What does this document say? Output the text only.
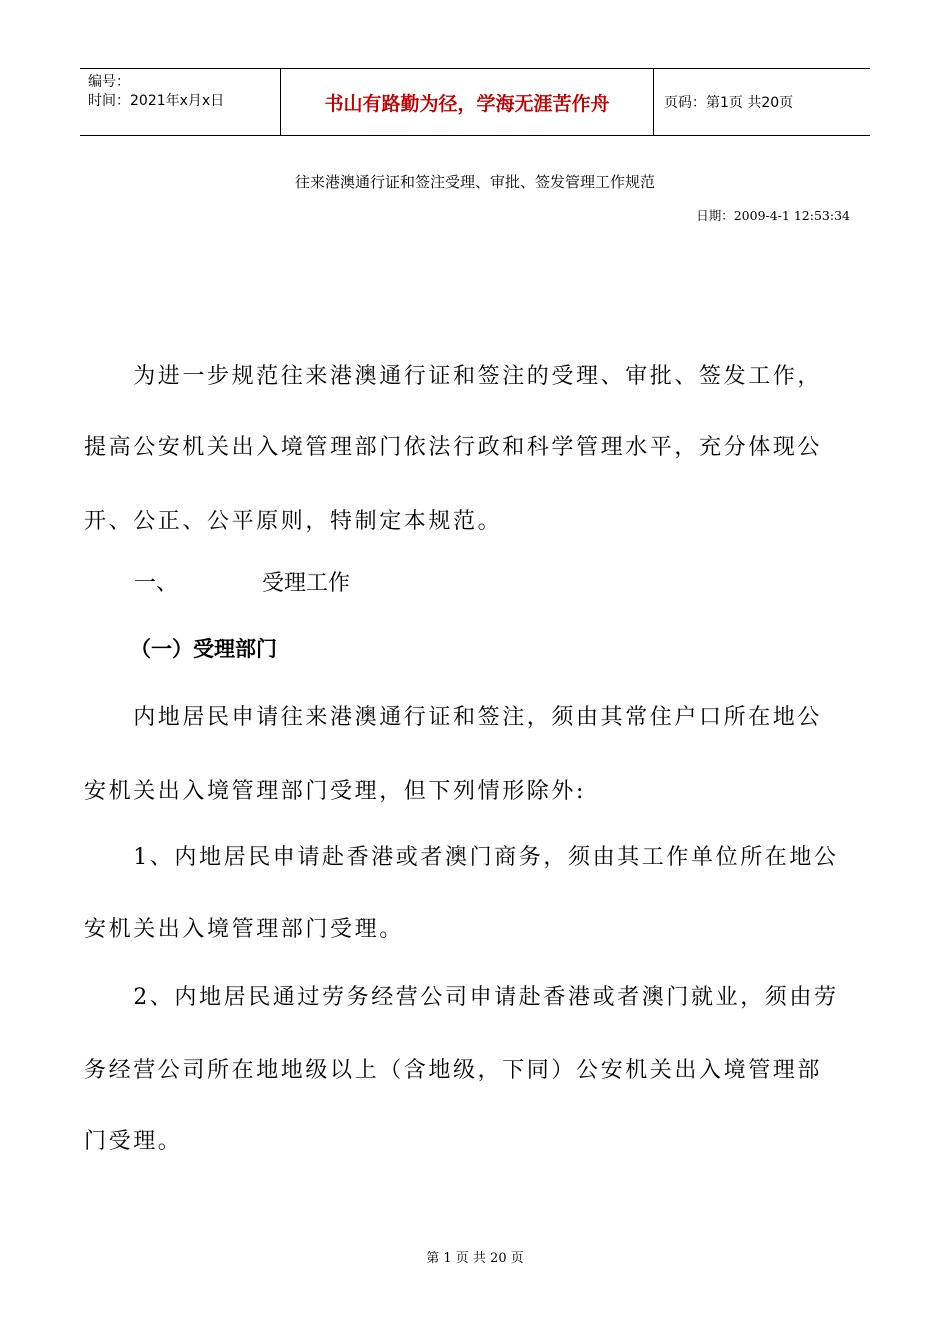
编号：
时间：2021年x月x日	书山有路勤为径，学海无涯苦作舟	页码：第1页 共20页
往来港澳通行证和签注受理、审批、签发管理工作规范
日期：2009-4-1 12:53:34

　　为进一步规范往来港澳通行证和签注的受理、审批、签发工作，

提高公安机关出入境管理部门依法行政和科学管理水平，充分体现公

开、公正、公平原则，特制定本规范。

一、	受理工作
（一）受理部门

　　内地居民申请往来港澳通行证和签注，须由其常住户口所在地公

安机关出入境管理部门受理，但下列情形除外:

　　1、内地居民申请赴香港或者澳门商务，须由其工作单位所在地公

安机关出入境管理部门受理。

　　2、内地居民通过劳务经营公司申请赴香港或者澳门就业，须由劳

务经营公司所在地地级以上（含地级，下同）公安机关出入境管理部

门受理。

第 1 页 共 20 页
